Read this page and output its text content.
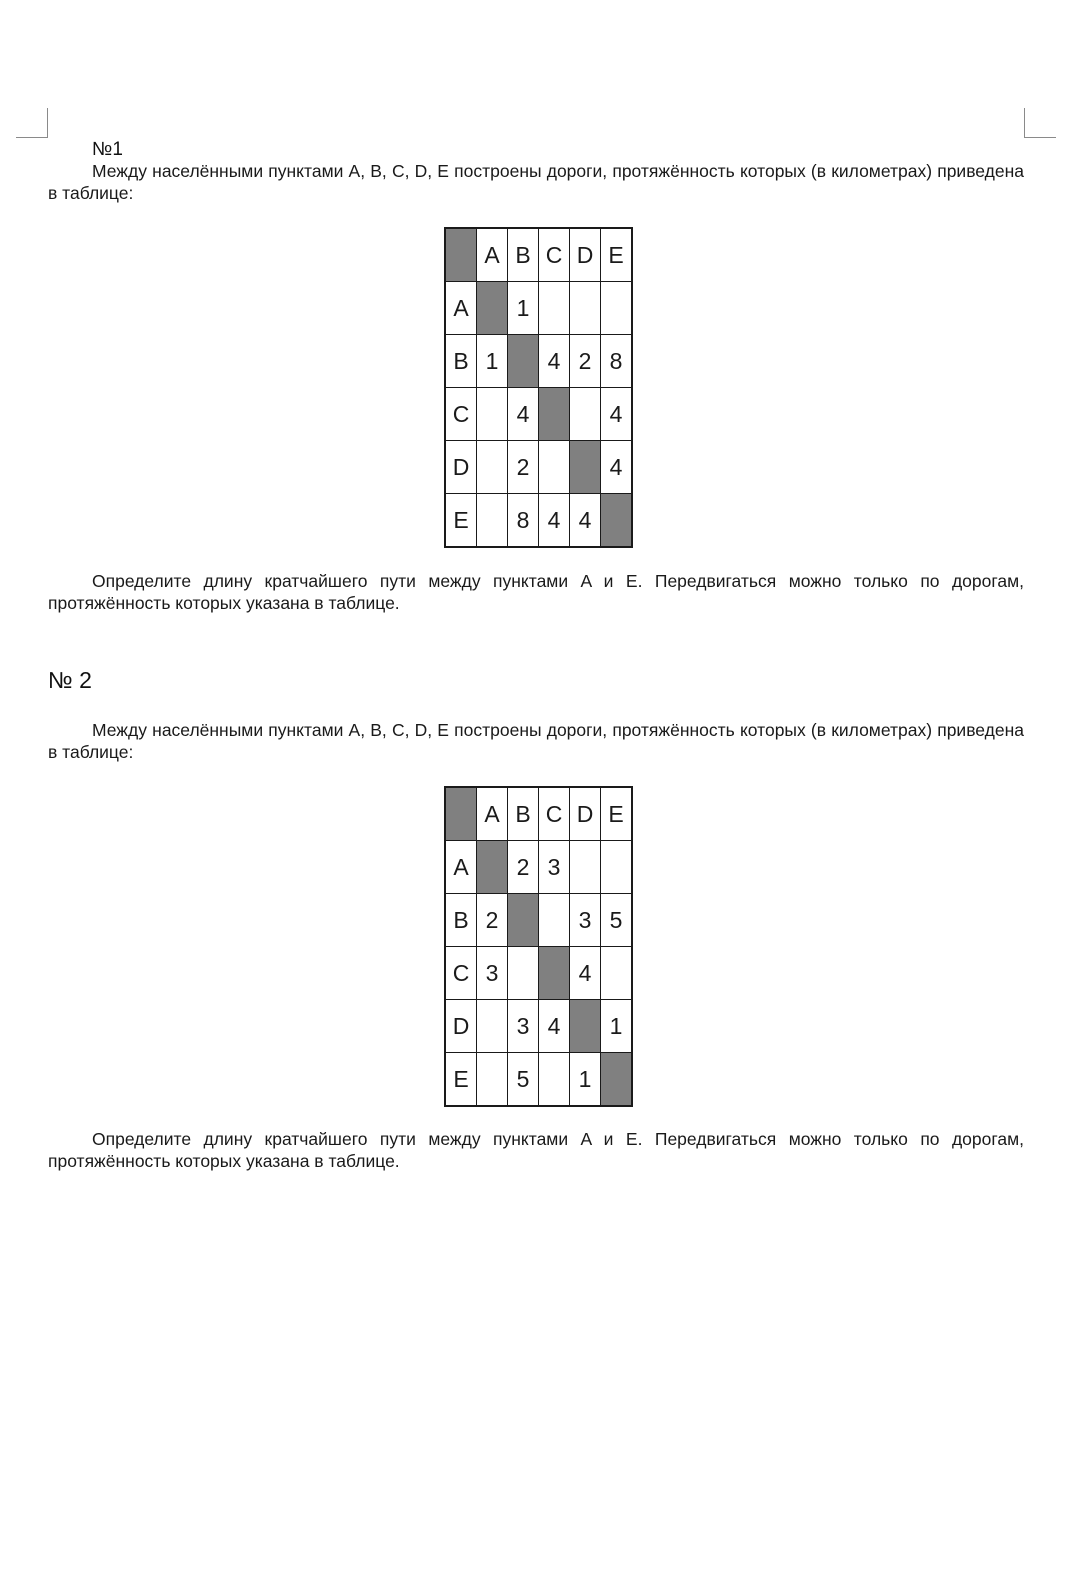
№1

Между населёнными пунктами A, B, C, D, E построены дороги, протяжённость которых (в километрах) приведена в таблице:

	A	B	C	D	E
A		1			
B	1		4	2	8
C		4			4
D		2			4
E		8	4	4	

Определите длину кратчайшего пути между пунктами A и E. Передвигаться можно только по дорогам, протяжённость которых указана в таблице.

№ 2

Между населёнными пунктами A, B, C, D, E построены дороги, протяжённость которых (в километрах) приведена в таблице:

	A	B	C	D	E
A		2	3		
B	2			3	5
C	3			4	
D		3	4		1
E		5		1	

Определите длину кратчайшего пути между пунктами A и E. Передвигаться можно только по дорогам, протяжённость которых указана в таблице.
